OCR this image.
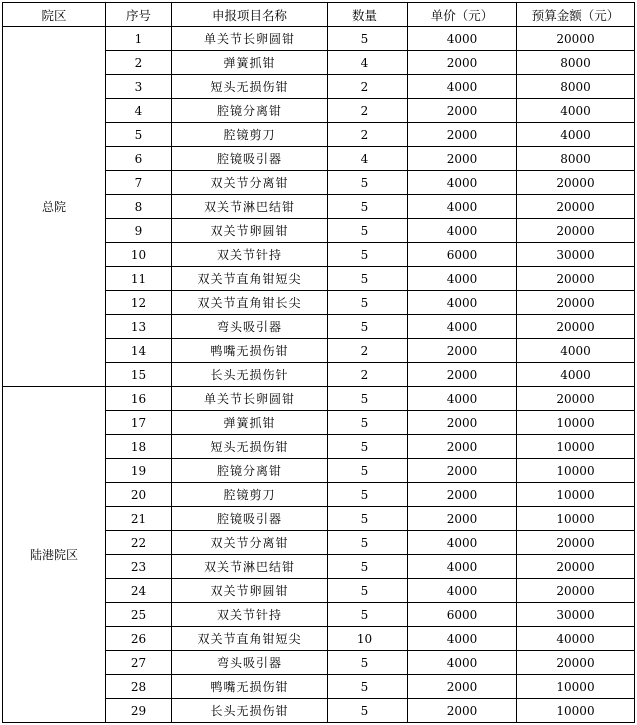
院区	序号	申报项目名称	数量	单价（元）	预算金额（元）
总院	1	单关节长卵圆钳	5	4000	20000
	2	弹簧抓钳	4	2000	8000
	3	短头无损伤钳	2	4000	8000
	4	腔镜分离钳	2	2000	4000
	5	腔镜剪刀	2	2000	4000
	6	腔镜吸引器	4	2000	8000
	7	双关节分离钳	5	4000	20000
	8	双关节淋巴结钳	5	4000	20000
	9	双关节卵圆钳	5	4000	20000
	10	双关节针持	5	6000	30000
	11	双关节直角钳短尖	5	4000	20000
	12	双关节直角钳长尖	5	4000	20000
	13	弯头吸引器	5	4000	20000
	14	鸭嘴无损伤钳	2	2000	4000
	15	长头无损伤针	2	2000	4000
陆港院区	16	单关节长卵圆钳	5	4000	20000
	17	弹簧抓钳	5	2000	10000
	18	短头无损伤钳	5	2000	10000
	19	腔镜分离钳	5	2000	10000
	20	腔镜剪刀	5	2000	10000
	21	腔镜吸引器	5	2000	10000
	22	双关节分离钳	5	4000	20000
	23	双关节淋巴结钳	5	4000	20000
	24	双关节卵圆钳	5	4000	20000
	25	双关节针持	5	6000	30000
	26	双关节直角钳短尖	10	4000	40000
	27	弯头吸引器	5	4000	20000
	28	鸭嘴无损伤钳	5	2000	10000
	29	长头无损伤钳	5	2000	10000
